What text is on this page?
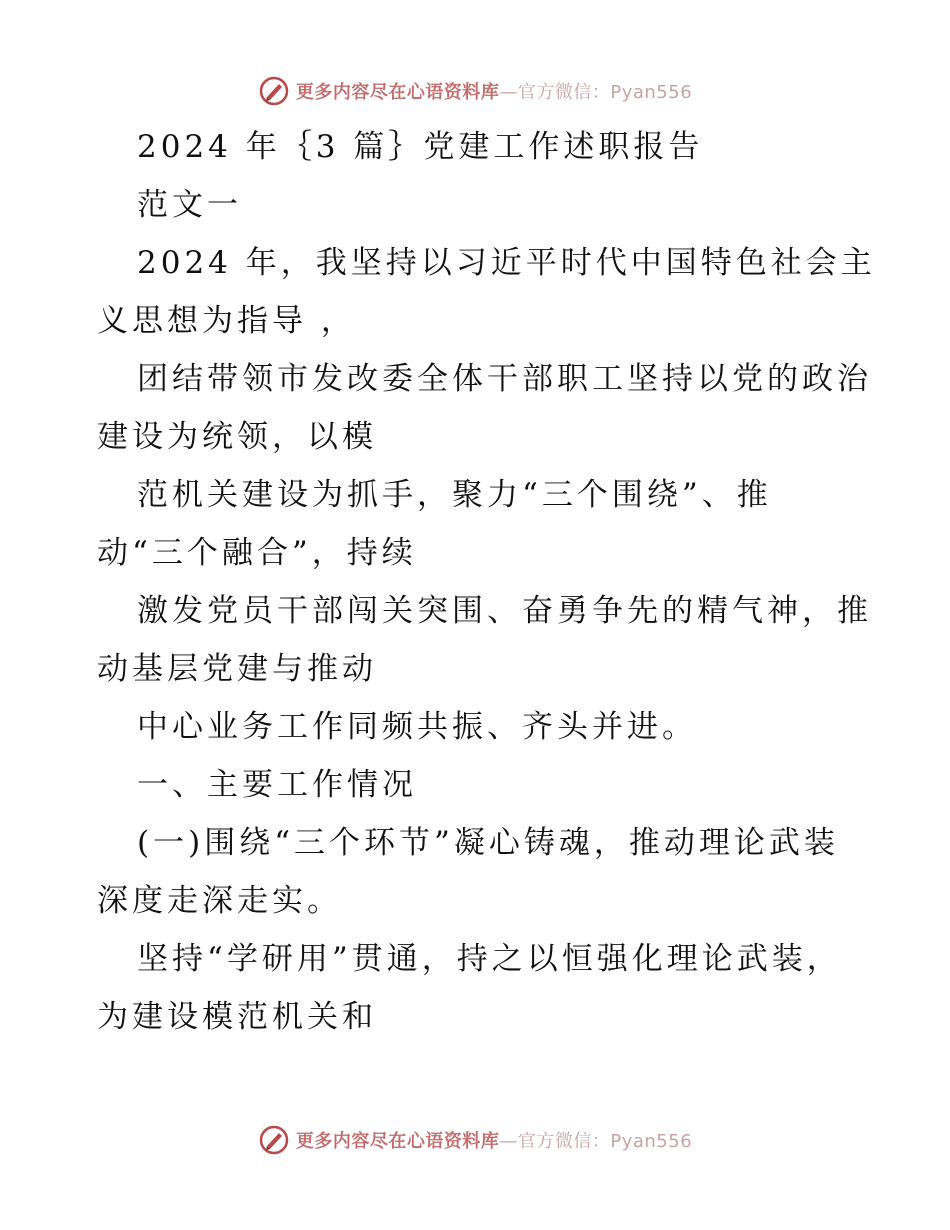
更多内容尽在心语资料库—官方微信：Pyan556
2024 年｛3 篇｝党建工作述职报告
范文一
2024 年，我坚持以习近平时代中国特色社会主
义思想为指导 ，
团结带领市发改委全体干部职工坚持以党的政治
建设为统领，以模
范机关建设为抓手，聚力“三个围绕”、推
动“三个融合”，持续
激发党员干部闯关突围、奋勇争先的精气神，推
动基层党建与推动
中心业务工作同频共振、齐头并进。
一、主要工作情况
(一)围绕“三个环节”凝心铸魂，推动理论武装
深度走深走实。
坚持“学研用”贯通，持之以恒强化理论武装，
为建设模范机关和
更多内容尽在心语资料库—官方微信：Pyan556
